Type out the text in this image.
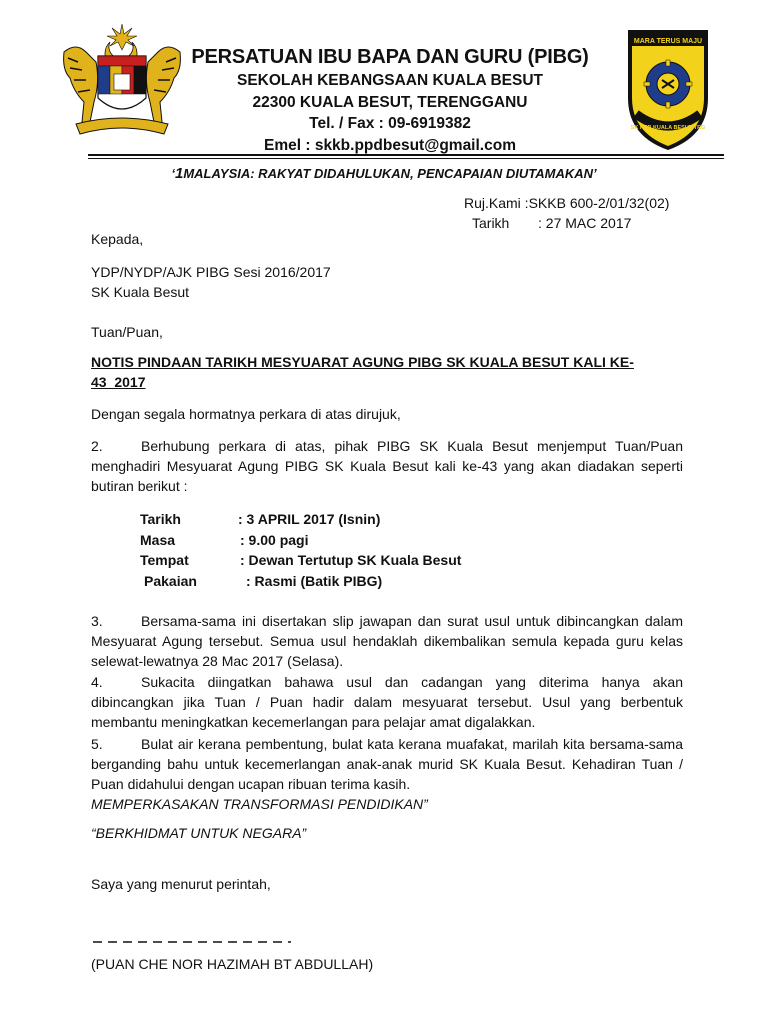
PERSATUAN IBU BAPA DAN GURU (PIBG)
SEKOLAH KEBANGSAAN KUALA BESUT
22300 KUALA BESUT, TERENGGANU
Tel. / Fax : 09-6919382
Emel : skkb.ppdbesut@gmail.com
MARA TERUS MAJU
SK KEB KUALA BESUT TRG
‘1MALAYSIA: RAKYAT DIDAHULUKAN, PENCAPAIAN DIUTAMAKAN’
Ruj.Kami : SKKB 600-2/01/32(02)
Tarikh	: 27 MAC 2017
Kepada,
YDP/NYDP/AJK PIBG Sesi 2016/2017
SK Kuala Besut
Tuan/Puan,
NOTIS PINDAAN TARIKH MESYUARAT AGUNG PIBG SK KUALA BESUT KALI KE-
43  2017
Dengan segala hormatnya perkara di atas dirujuk,
2.	Berhubung perkara di atas, pihak PIBG SK Kuala Besut menjemput Tuan/Puan menghadiri Mesyuarat Agung PIBG SK Kuala Besut kali ke-43 yang akan diadakan seperti butiran berikut :
Tarikh	: 3 APRIL 2017 (Isnin)
Masa	: 9.00 pagi
Tempat	: Dewan Tertutup SK Kuala Besut
Pakaian	: Rasmi (Batik PIBG)
3.	Bersama-sama ini disertakan slip jawapan dan surat usul untuk dibincangkan dalam Mesyuarat Agung tersebut. Semua usul hendaklah dikembalikan semula kepada guru kelas selewat-lewatnya 28 Mac 2017 (Selasa).
4.	Sukacita diingatkan bahawa usul dan cadangan yang diterima hanya akan dibincangkan jika Tuan / Puan hadir dalam mesyuarat tersebut. Usul yang berbentuk membantu meningkatkan kecemerlangan para pelajar amat digalakkan.
5.	Bulat air kerana pembentung, bulat kata kerana muafakat, marilah kita bersama-sama berganding bahu untuk kecemerlangan anak-anak murid SK Kuala Besut. Kehadiran Tuan / Puan didahului dengan ucapan ribuan terima kasih.
MEMPERKASAKAN TRANSFORMASI PENDIDIKAN”
“BERKHIDMAT UNTUK NEGARA”
Saya yang menurut perintah,
(PUAN CHE NOR HAZIMAH BT ABDULLAH)
